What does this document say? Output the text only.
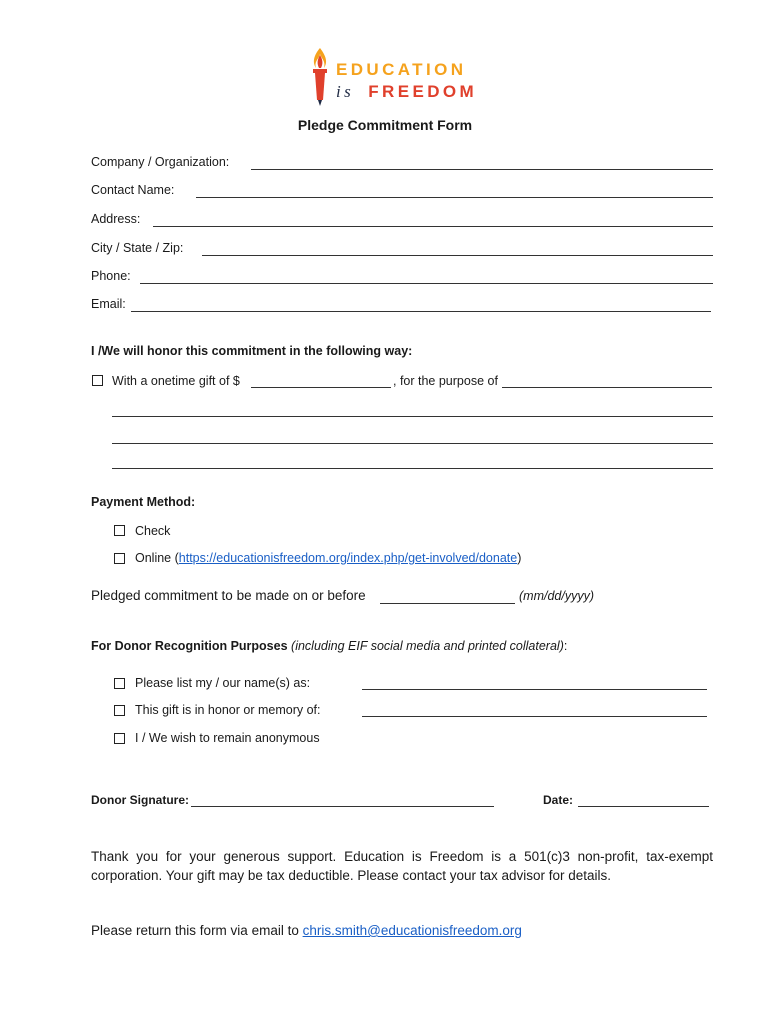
EDUCATION
is FREEDOM
Pledge Commitment Form
Company / Organization:
Contact Name:
Address:
City / State / Zip:
Phone:
Email:
I /We will honor this commitment in the following way:
With a onetime gift of $	, for the purpose of
Payment Method:
Check
Online (https://educationisfreedom.org/index.php/get-involved/donate)
Pledged commitment to be made on or before	(mm/dd/yyyy)
For Donor Recognition Purposes (including EIF social media and printed collateral):
Please list my / our name(s) as:
This gift is in honor or memory of:
I / We wish to remain anonymous
Donor Signature:	Date:
Thank you for your generous support. Education is Freedom is a 501(c)3 non-profit, tax-exempt corporation. Your gift may be tax deductible. Please contact your tax advisor for details.
Please return this form via email to chris.smith@educationisfreedom.org
